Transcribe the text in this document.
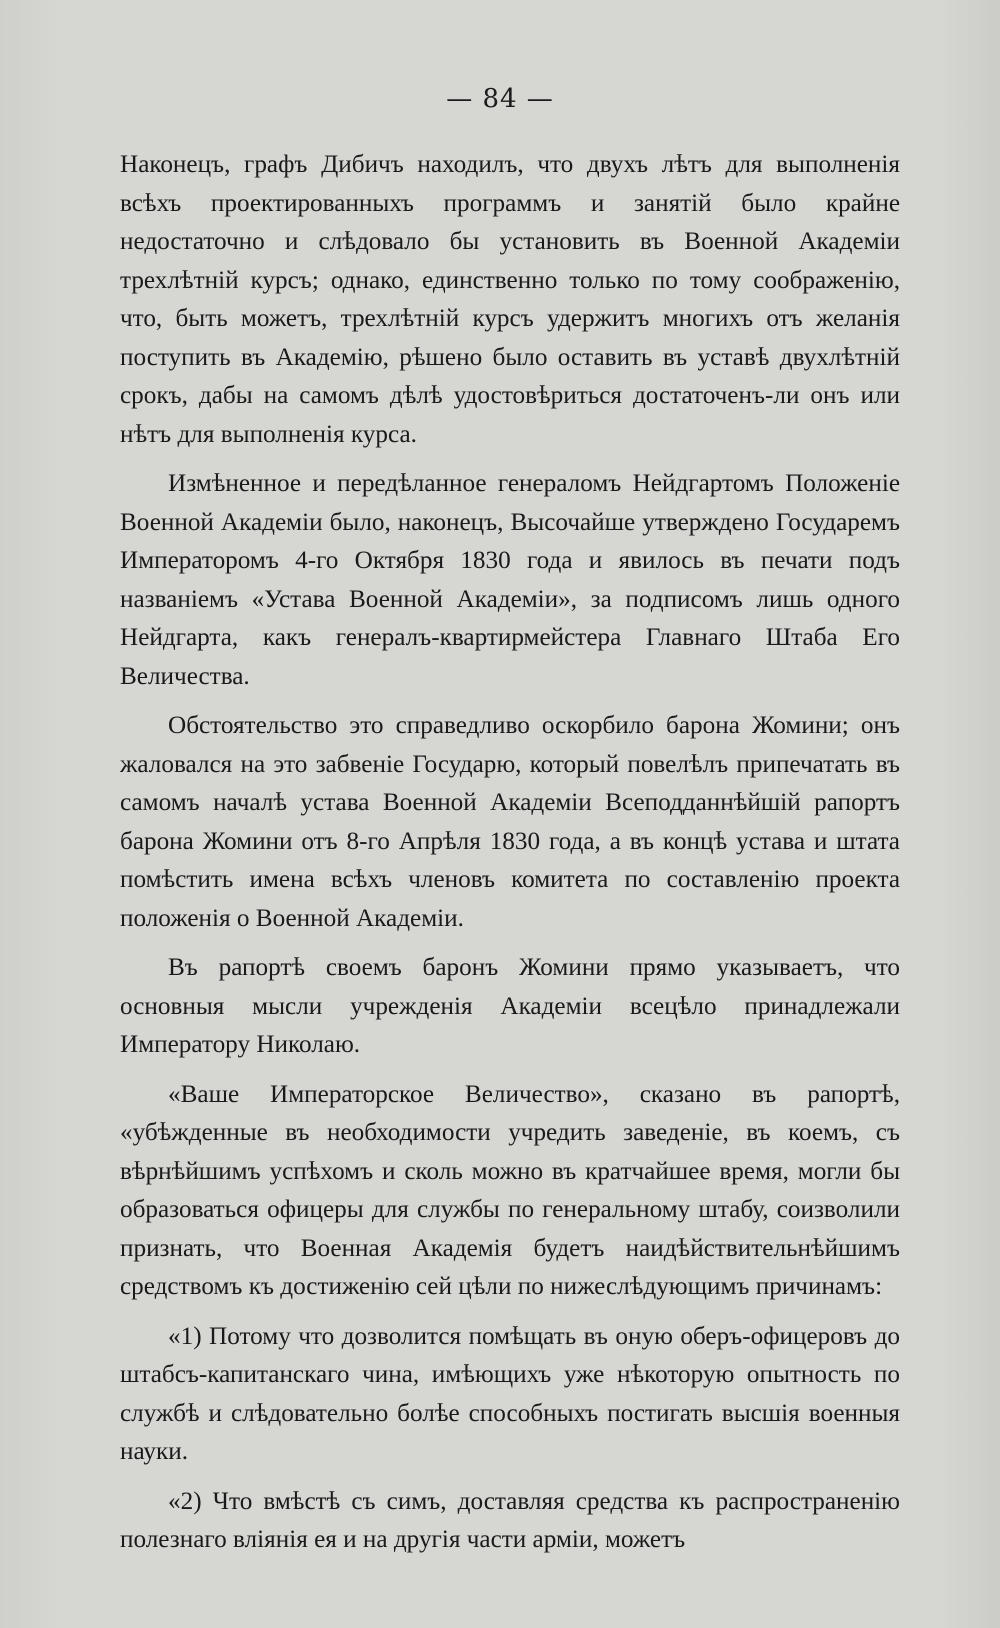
— 84 —

Наконецъ, графъ Дибичъ находилъ, что двухъ лѣтъ для выполненія всѣхъ проектированныхъ программъ и занятій было крайне недостаточно и слѣдовало бы установить въ Военной Академіи трехлѣтній курсъ; однако, единственно только по тому соображенію, что, быть можетъ, трехлѣтній курсъ удержитъ многихъ отъ желанія поступить въ Академію, рѣшено было оставить въ уставѣ двухлѣтній срокъ, дабы на самомъ дѣлѣ удостовѣриться достаточенъ-ли онъ или нѣтъ для выполненія курса.

Измѣненное и передѣланное генераломъ Нейдгартомъ Положеніе Военной Академіи было, наконецъ, Высочайше утверждено Государемъ Императоромъ 4-го Октября 1830 года и явилось въ печати подъ названіемъ «Устава Военной Академіи», за подписомъ лишь одного Нейдгарта, какъ генералъ-квартирмейстера Главнаго Штаба Его Величества.

Обстоятельство это справедливо оскорбило барона Жомини; онъ жаловался на это забвеніе Государю, который повелѣлъ припечатать въ самомъ началѣ устава Военной Академіи Всеподданнѣйшій рапортъ барона Жомини отъ 8-го Апрѣля 1830 года, а въ концѣ устава и штата помѣстить имена всѣхъ членовъ комитета по составленію проекта положенія о Военной Академіи.

Въ рапортѣ своемъ баронъ Жомини прямо указываетъ, что основныя мысли учрежденія Академіи всецѣло принадлежали Императору Николаю.

«Ваше Императорское Величество», сказано въ рапортѣ, «убѣжденные въ необходимости учредить заведеніе, въ коемъ, съ вѣрнѣйшимъ успѣхомъ и сколь можно въ кратчайшее время, могли бы образоваться офицеры для службы по генеральному штабу, соизволили признать, что Военная Академія будетъ наидѣйствительнѣйшимъ средствомъ къ достиженію сей цѣли по нижеслѣдующимъ причинамъ:

«1) Потому что дозволится помѣщать въ оную оберъ-офицеровъ до штабсъ-капитанскаго чина, имѣющихъ уже нѣкоторую опытность по службѣ и слѣдовательно болѣе способныхъ постигать высшія военныя науки.

«2) Что вмѣстѣ съ симъ, доставляя средства къ распространенію полезнаго вліянія ея и на другія части арміи, можетъ
